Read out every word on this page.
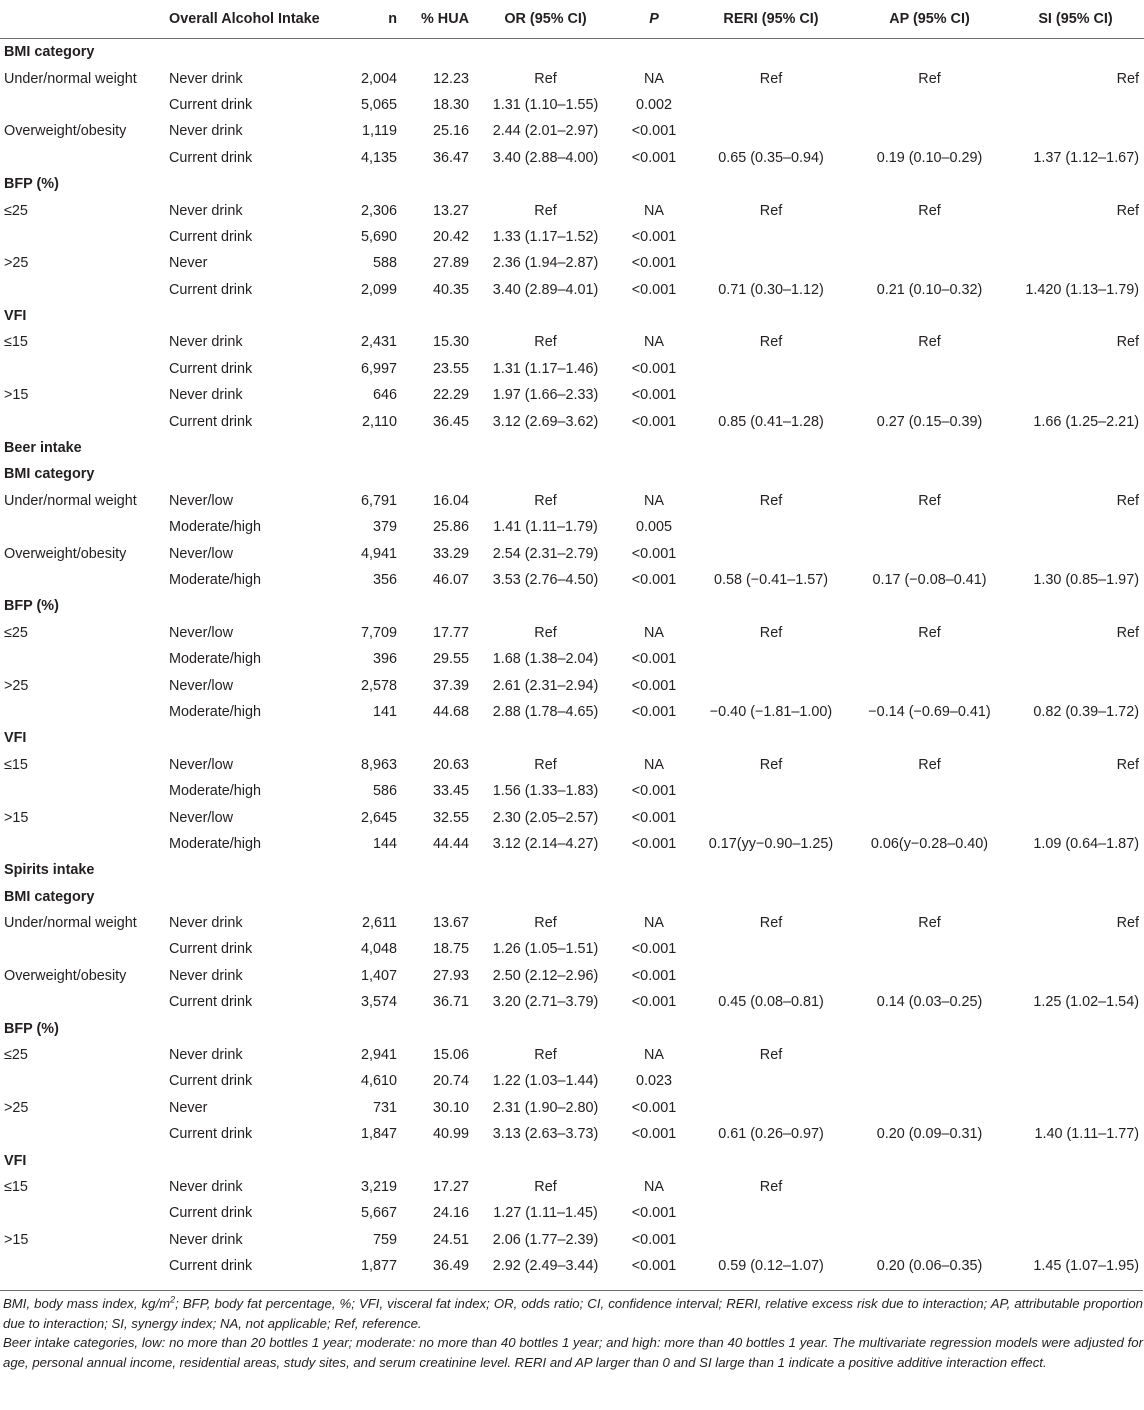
	Overall Alcohol Intake	n	% HUA	OR (95% CI)	P	RERI (95% CI)	AP (95% CI)	SI (95% CI)
BMI category								
Under/normal weight	Never drink	2,004	12.23	Ref	NA	Ref	Ref	Ref
	Current drink	5,065	18.30	1.31 (1.10–1.55)	0.002			
Overweight/obesity	Never drink	1,119	25.16	2.44 (2.01–2.97)	<0.001			
	Current drink	4,135	36.47	3.40 (2.88–4.00)	<0.001	0.65 (0.35–0.94)	0.19 (0.10–0.29)	1.37 (1.12–1.67)
BFP (%)								
≤25	Never drink	2,306	13.27	Ref	NA	Ref	Ref	Ref
	Current drink	5,690	20.42	1.33 (1.17–1.52)	<0.001			
>25	Never	588	27.89	2.36 (1.94–2.87)	<0.001			
	Current drink	2,099	40.35	3.40 (2.89–4.01)	<0.001	0.71 (0.30–1.12)	0.21 (0.10–0.32)	1.420 (1.13–1.79)
VFI								
≤15	Never drink	2,431	15.30	Ref	NA	Ref	Ref	Ref
	Current drink	6,997	23.55	1.31 (1.17–1.46)	<0.001			
>15	Never drink	646	22.29	1.97 (1.66–2.33)	<0.001			
	Current drink	2,110	36.45	3.12 (2.69–3.62)	<0.001	0.85 (0.41–1.28)	0.27 (0.15–0.39)	1.66 (1.25–2.21)
Beer intake								
BMI category								
Under/normal weight	Never/low	6,791	16.04	Ref	NA	Ref	Ref	Ref
	Moderate/high	379	25.86	1.41 (1.11–1.79)	0.005			
Overweight/obesity	Never/low	4,941	33.29	2.54 (2.31–2.79)	<0.001			
	Moderate/high	356	46.07	3.53 (2.76–4.50)	<0.001	0.58 (−0.41–1.57)	0.17 (−0.08–0.41)	1.30 (0.85–1.97)
BFP (%)								
≤25	Never/low	7,709	17.77	Ref	NA	Ref	Ref	Ref
	Moderate/high	396	29.55	1.68 (1.38–2.04)	<0.001			
>25	Never/low	2,578	37.39	2.61 (2.31–2.94)	<0.001			
	Moderate/high	141	44.68	2.88 (1.78–4.65)	<0.001	−0.40 (−1.81–1.00)	−0.14 (−0.69–0.41)	0.82 (0.39–1.72)
VFI								
≤15	Never/low	8,963	20.63	Ref	NA	Ref	Ref	Ref
	Moderate/high	586	33.45	1.56 (1.33–1.83)	<0.001			
>15	Never/low	2,645	32.55	2.30 (2.05–2.57)	<0.001			
	Moderate/high	144	44.44	3.12 (2.14–4.27)	<0.001	0.17(yy−0.90–1.25)	0.06(y−0.28–0.40)	1.09 (0.64–1.87)
Spirits intake								
BMI category								
Under/normal weight	Never drink	2,611	13.67	Ref	NA	Ref	Ref	Ref
	Current drink	4,048	18.75	1.26 (1.05–1.51)	<0.001			
Overweight/obesity	Never drink	1,407	27.93	2.50 (2.12–2.96)	<0.001			
	Current drink	3,574	36.71	3.20 (2.71–3.79)	<0.001	0.45 (0.08–0.81)	0.14 (0.03–0.25)	1.25 (1.02–1.54)
BFP (%)								
≤25	Never drink	2,941	15.06	Ref	NA	Ref		
	Current drink	4,610	20.74	1.22 (1.03–1.44)	0.023			
>25	Never	731	30.10	2.31 (1.90–2.80)	<0.001			
	Current drink	1,847	40.99	3.13 (2.63–3.73)	<0.001	0.61 (0.26–0.97)	0.20 (0.09–0.31)	1.40 (1.11–1.77)
VFI								
≤15	Never drink	3,219	17.27	Ref	NA	Ref		
	Current drink	5,667	24.16	1.27 (1.11–1.45)	<0.001			
>15	Never drink	759	24.51	2.06 (1.77–2.39)	<0.001			
	Current drink	1,877	36.49	2.92 (2.49–3.44)	<0.001	0.59 (0.12–1.07)	0.20 (0.06–0.35)	1.45 (1.07–1.95)

BMI, body mass index, $kg/m^2$; BFP, body fat percentage, %; VFI, visceral fat index; OR, odds ratio; CI, confidence interval; RERI, relative excess risk due to interaction; AP, attributable proportion due to interaction; SI, synergy index; NA, not applicable; Ref, reference.

Beer intake categories, low: no more than 20 bottles 1 year; moderate: no more than 40 bottles 1 year; and high: more than 40 bottles 1 year. The multivariate regression models were adjusted for age, personal annual income, residential areas, study sites, and serum creatinine level. RERI and AP larger than 0 and SI large than 1 indicate a positive additive interaction effect.
